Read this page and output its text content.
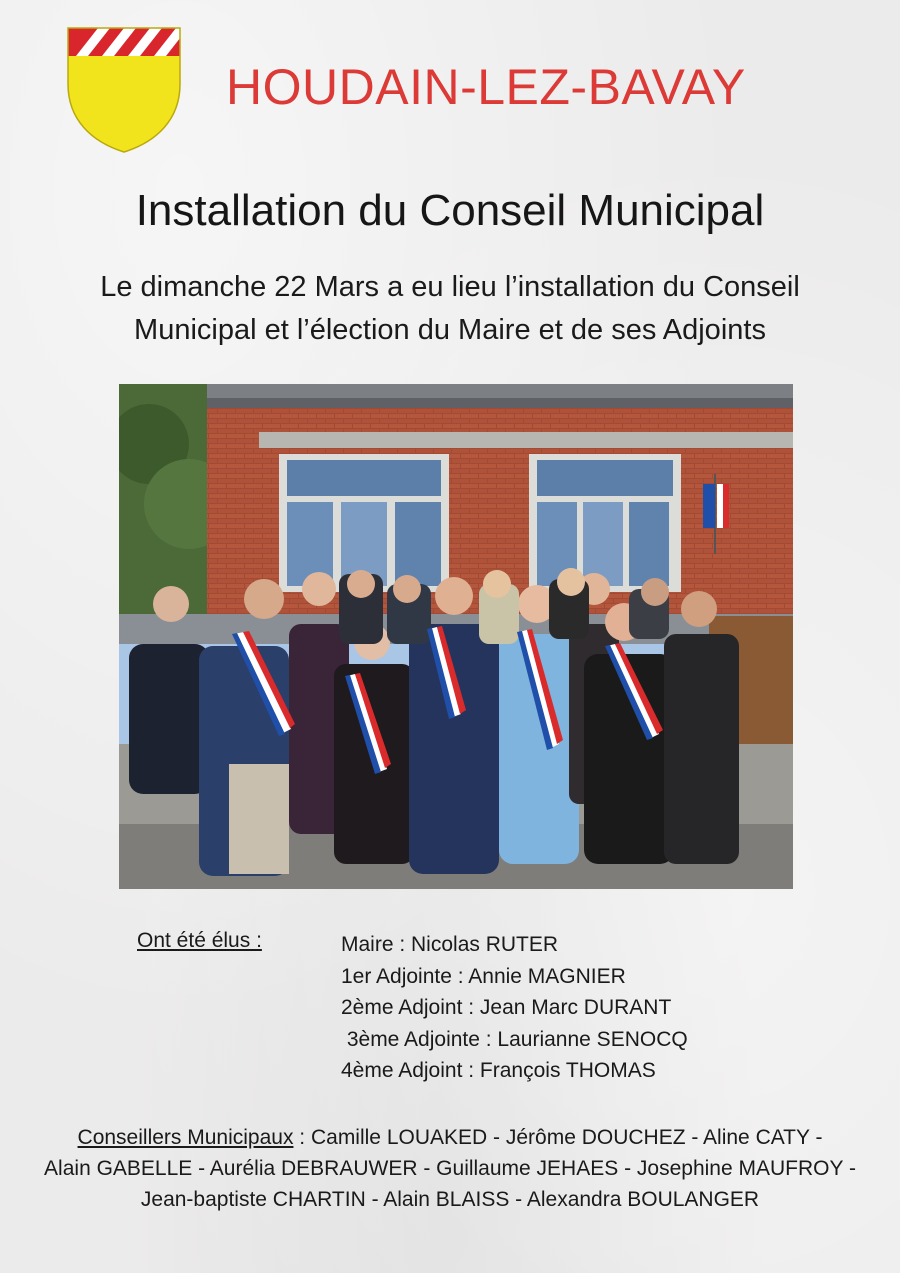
HOUDAIN-LEZ-BAVAY
Installation du Conseil Municipal

Le dimanche 22 Mars a eu lieu l’installation du Conseil
Municipal et l’élection du Maire et de ses Adjoints

Ont été élus :	Maire : Nicolas RUTER
1er Adjointe : Annie MAGNIER
2ème Adjoint : Jean Marc DURANT
3ème Adjointe : Laurianne SENOCQ
4ème Adjoint : François THOMAS

Conseillers Municipaux : Camille LOUAKED - Jérôme DOUCHEZ - Aline CATY -
Alain GABELLE - Aurélia DEBRAUWER - Guillaume JEHAES - Josephine MAUFROY -
Jean-baptiste CHARTIN - Alain BLAISS - Alexandra BOULANGER
